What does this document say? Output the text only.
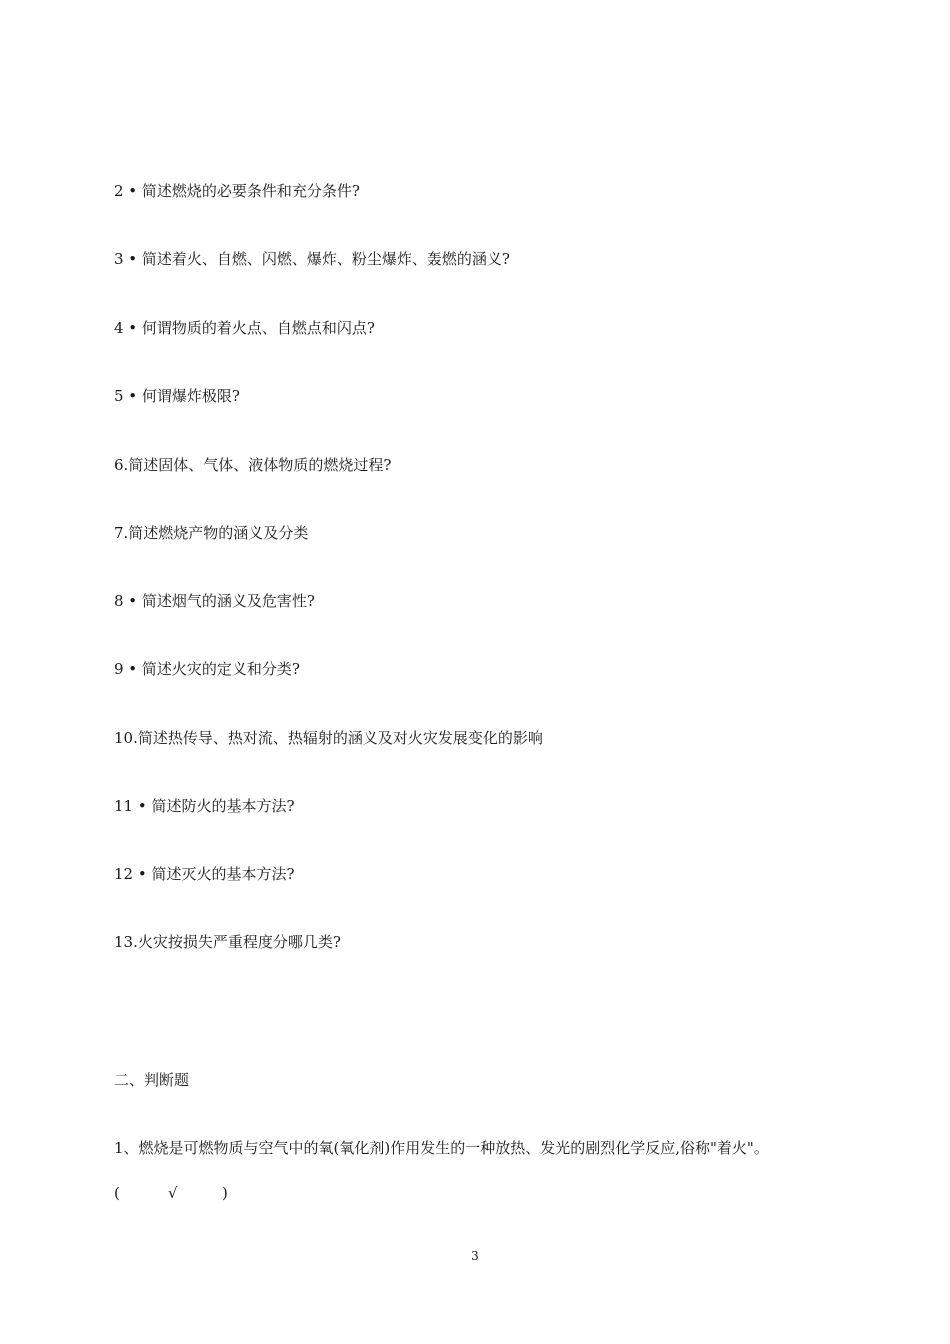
2 • 简述燃烧的必要条件和充分条件?
3 • 简述着火、自燃、闪燃、爆炸、粉尘爆炸、轰燃的涵义?
4 • 何谓物质的着火点、自燃点和闪点?
5 • 何谓爆炸极限?
6.简述固体、气体、液体物质的燃烧过程?
7.简述燃烧产物的涵义及分类
8 • 简述烟气的涵义及危害性?
9 • 简述火灾的定义和分类?
10.简述热传导、热对流、热辐射的涵义及对火灾发展变化的影响
11 • 简述防火的基本方法?
12 • 简述灭火的基本方法?
13.火灾按损失严重程度分哪几类?
二、判断题
1、燃烧是可燃物质与空气中的氧(氧化剂)作用发生的一种放热、发光的剧烈化学反应,俗称"着火"。
(	√	)
3
